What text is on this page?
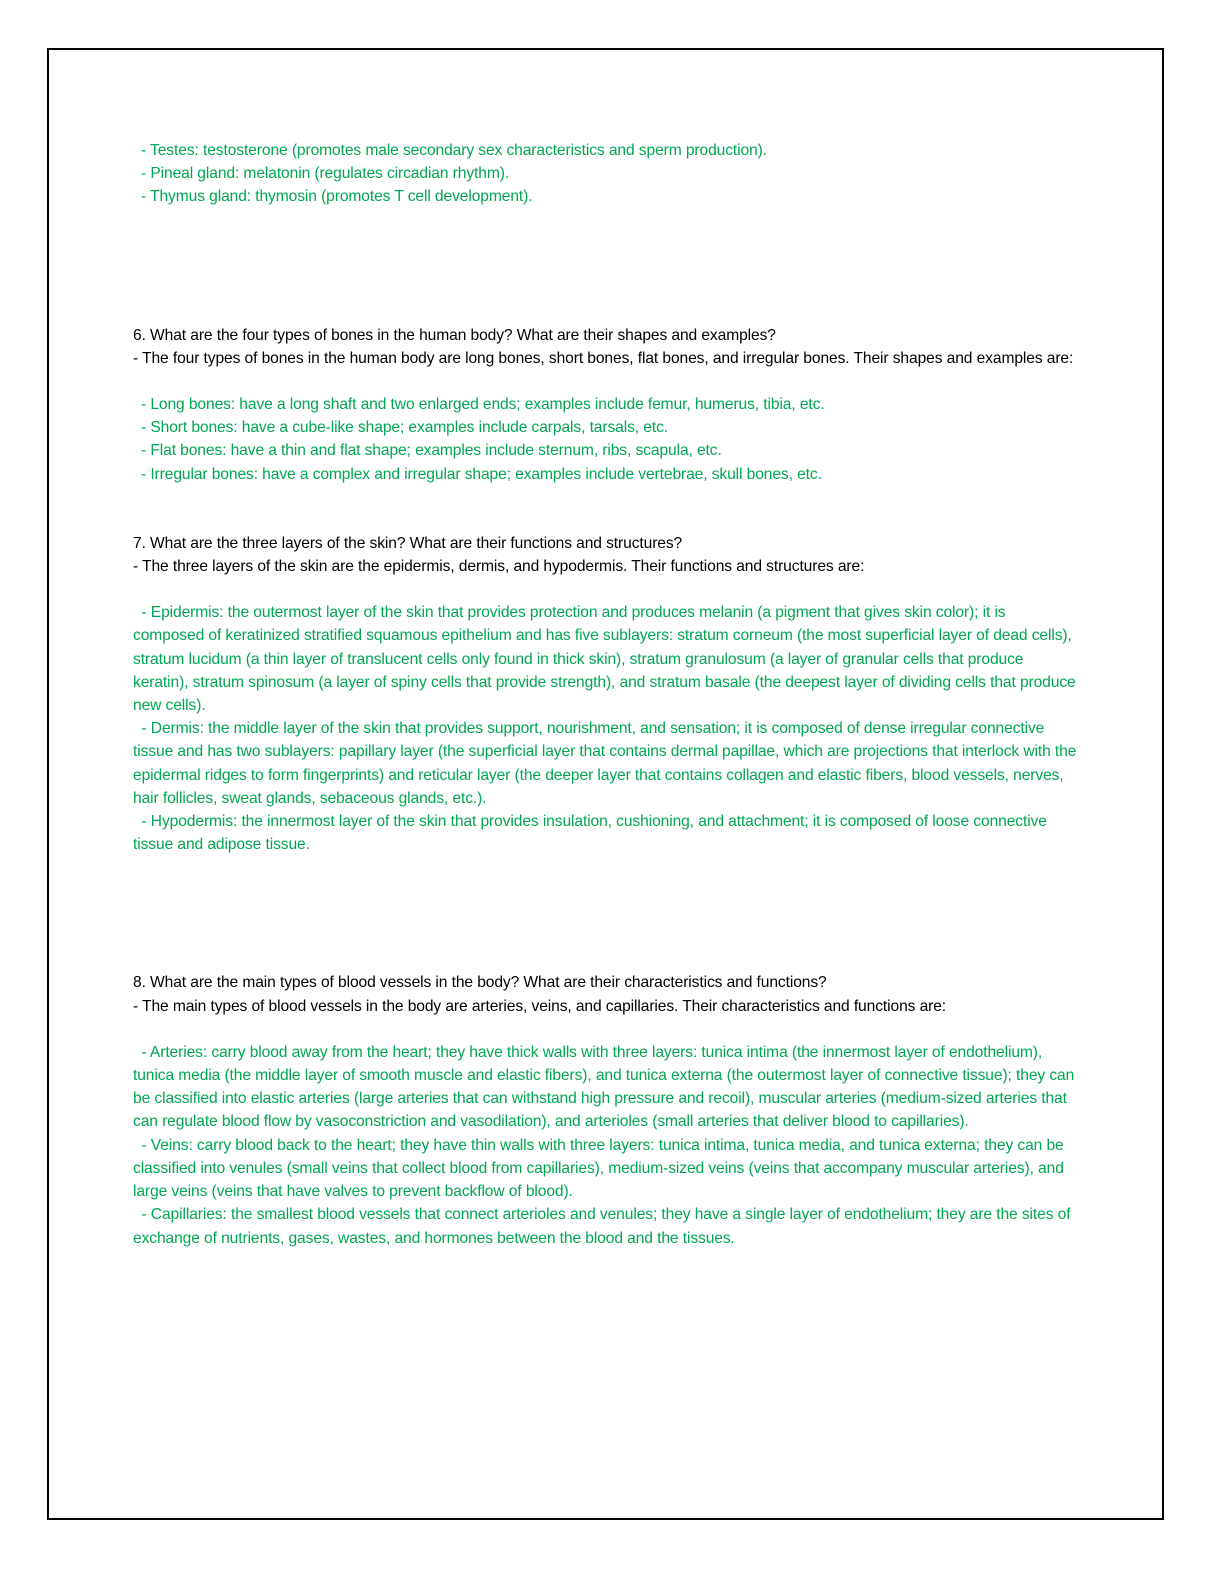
- Testes: testosterone (promotes male secondary sex characteristics and sperm production).
- Pineal gland: melatonin (regulates circadian rhythm).
- Thymus gland: thymosin (promotes T cell development).
6. What are the four types of bones in the human body? What are their shapes and examples?
- The four types of bones in the human body are long bones, short bones, flat bones, and irregular bones. Their shapes and examples are:
- Long bones: have a long shaft and two enlarged ends; examples include femur, humerus, tibia, etc.
- Short bones: have a cube-like shape; examples include carpals, tarsals, etc.
- Flat bones: have a thin and flat shape; examples include sternum, ribs, scapula, etc.
- Irregular bones: have a complex and irregular shape; examples include vertebrae, skull bones, etc.
7. What are the three layers of the skin? What are their functions and structures?
- The three layers of the skin are the epidermis, dermis, and hypodermis. Their functions and structures are:
- Epidermis: the outermost layer of the skin that provides protection and produces melanin (a pigment that gives skin color); it is composed of keratinized stratified squamous epithelium and has five sublayers: stratum corneum (the most superficial layer of dead cells), stratum lucidum (a thin layer of translucent cells only found in thick skin), stratum granulosum (a layer of granular cells that produce keratin), stratum spinosum (a layer of spiny cells that provide strength), and stratum basale (the deepest layer of dividing cells that produce new cells).
- Dermis: the middle layer of the skin that provides support, nourishment, and sensation; it is composed of dense irregular connective tissue and has two sublayers: papillary layer (the superficial layer that contains dermal papillae, which are projections that interlock with the epidermal ridges to form fingerprints) and reticular layer (the deeper layer that contains collagen and elastic fibers, blood vessels, nerves, hair follicles, sweat glands, sebaceous glands, etc.).
- Hypodermis: the innermost layer of the skin that provides insulation, cushioning, and attachment; it is composed of loose connective tissue and adipose tissue.
8. What are the main types of blood vessels in the body? What are their characteristics and functions?
- The main types of blood vessels in the body are arteries, veins, and capillaries. Their characteristics and functions are:
- Arteries: carry blood away from the heart; they have thick walls with three layers: tunica intima (the innermost layer of endothelium), tunica media (the middle layer of smooth muscle and elastic fibers), and tunica externa (the outermost layer of connective tissue); they can be classified into elastic arteries (large arteries that can withstand high pressure and recoil), muscular arteries (medium-sized arteries that can regulate blood flow by vasoconstriction and vasodilation), and arterioles (small arteries that deliver blood to capillaries).
- Veins: carry blood back to the heart; they have thin walls with three layers: tunica intima, tunica media, and tunica externa; they can be classified into venules (small veins that collect blood from capillaries), medium-sized veins (veins that accompany muscular arteries), and large veins (veins that have valves to prevent backflow of blood).
- Capillaries: the smallest blood vessels that connect arterioles and venules; they have a single layer of endothelium; they are the sites of exchange of nutrients, gases, wastes, and hormones between the blood and the tissues.
